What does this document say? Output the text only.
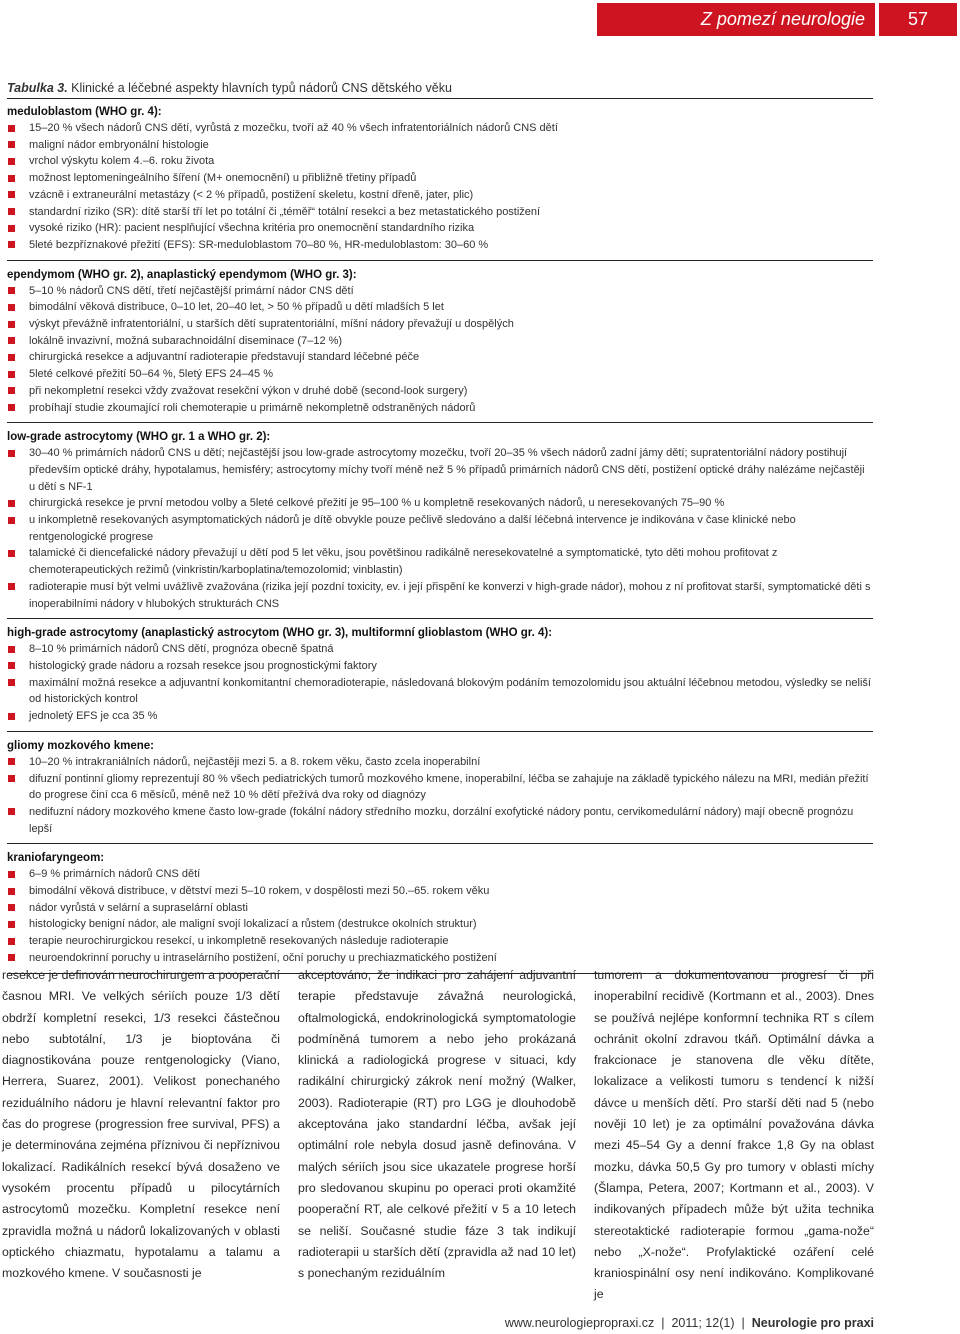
Z pomezí neurologie	57
Tabulka 3. Klinické a léčebné aspekty hlavních typů nádorů CNS dětského věku
meduloblastom (WHO gr. 4):
15–20 % všech nádorů CNS dětí, vyrůstá z mozečku, tvoří až 40 % všech infratentoriálních nádorů CNS dětí
maligní nádor embryonální histologie
vrchol výskytu kolem 4.–6. roku života
možnost leptomeningeálního šíření (M+ onemocnění) u přibližně třetiny případů
vzácně i extraneurální metastázy (< 2 % případů, postižení skeletu, kostní dřeně, jater, plic)
standardní riziko (SR): dítě starší tří let po totální či „téměř“ totální resekci a bez metastatického postižení
vysoké riziko (HR): pacient nesplňující všechna kritéria pro onemocnění standardního rizika
5leté bezpříznakové přežití (EFS): SR-meduloblastom 70–80 %, HR-meduloblastom: 30–60 %
ependymom (WHO gr. 2), anaplastický ependymom (WHO gr. 3):
5–10 % nádorů CNS dětí, třetí nejčastější primární nádor CNS dětí
bimodální věková distribuce, 0–10 let, 20–40 let, > 50 % případů u dětí mladších 5 let
výskyt převážně infratentoriální, u starších dětí supratentoriální, míšní nádory převažují u dospělých
lokálně invazivní, možná subarachnoidální diseminace (7–12 %)
chirurgická resekce a adjuvantní radioterapie představují standard léčebné péče
5leté celkové přežití 50–64 %, 5letý EFS 24–45 %
při nekompletní resekci vždy zvažovat resekční výkon v druhé době (second-look surgery)
probíhají studie zkoumající roli chemoterapie u primárně nekompletně odstraněných nádorů
low-grade astrocytomy (WHO gr. 1 a WHO gr. 2):
30–40 % primárních nádorů CNS u dětí; nejčastější jsou low-grade astrocytomy mozečku, tvoří 20–35 % všech nádorů zadní jámy dětí; supratentoriální nádory postihují především optické dráhy, hypotalamus, hemisféry; astrocytomy míchy tvoří méně než 5 % případů primárních nádorů CNS dětí, postižení optické dráhy nalézáme nejčastěji u dětí s NF-1
chirurgická resekce je první metodou volby a 5leté celkové přežití je 95–100 % u kompletně resekovaných nádorů, u neresekovaných 75–90 %
u inkompletně resekovaných asymptomatických nádorů je dítě obvykle pouze pečlivě sledováno a další léčebná intervence je indikována v čase klinické nebo rentgenologické progrese
talamické či diencefalické nádory převažují u dětí pod 5 let věku, jsou povětšinou radikálně neresekovatelné a symptomatické, tyto děti mohou profitovat z chemoterapeutických režimů (vinkristin/karboplatina/temozolomid; vinblastin)
radioterapie musí být velmi uvážlivě zvažována (rizika její pozdní toxicity, ev. i její přispění ke konverzi v high-grade nádor), mohou z ní profitovat starší, symptomatické děti s inoperabilními nádory v hlubokých strukturách CNS
high-grade astrocytomy (anaplastický astrocytom (WHO gr. 3), multiformní glioblastom (WHO gr. 4):
8–10 % primárních nádorů CNS dětí, prognóza obecně špatná
histologický grade nádoru a rozsah resekce jsou prognostickými faktory
maximální možná resekce a adjuvantní konkomitantní chemoradioterapie, následovaná blokovým podáním temozolomidu jsou aktuální léčebnou metodou, výsledky se neliší od historických kontrol
jednoletý EFS je cca 35 %
gliomy mozkového kmene:
10–20 % intrakraniálních nádorů, nejčastěji mezi 5. a 8. rokem věku, často zcela inoperabilní
difuzní pontinní gliomy reprezentují 80 % všech pediatrických tumorů mozkového kmene, inoperabilní, léčba se zahajuje na základě typického nálezu na MRI, medián přežití do progrese činí cca 6 měsíců, méně než 10 % dětí přežívá dva roky od diagnózy
nedifuzní nádory mozkového kmene často low-grade (fokální nádory středního mozku, dorzální exofytické nádory pontu, cervikomedulární nádory) mají obecně prognózu lepší
kraniofaryngeom:
6–9 % primárních nádorů CNS dětí
bimodální věková distribuce, v dětství mezi 5–10 rokem, v dospělosti mezi 50.–65. rokem věku
nádor vyrůstá v selární a supraselární oblasti
histologicky benigní nádor, ale maligní svojí lokalizací a růstem (destrukce okolních struktur)
terapie neurochirurgickou resekcí, u inkompletně resekovaných následuje radioterapie
neuroendokrinní poruchy u intraselárního postižení, oční poruchy u prechiazmatického postižení
resekce je definován neurochirurgem a pooperační časnou MRI. Ve velkých sériích pouze 1/3 dětí obdrží kompletní resekci, 1/3 resekci částečnou nebo subtotální, 1/3 je bioptována či diagnostikována pouze rentgenologicky (Viano, Herrera, Suarez, 2001). Velikost ponechaného reziduálního nádoru je hlavní relevantní faktor pro čas do progrese (progression free survival, PFS) a je determinována zejména příznivou či nepříznivou lokalizací. Radikálních resekcí bývá dosaženo ve vysokém procentu případů u pilocytárních astrocytomů mozečku. Kompletní resekce není zpravidla možná u nádorů lokalizovaných v oblasti optického chiazmatu, hypotalamu a talamu a mozkového kmene. V současnosti je
akceptováno, že indikaci pro zahájení adjuvantní terapie představuje závažná neurologická, oftalmologická, endokrinologická symptomatologie podmíněná tumorem a nebo jeho prokázaná klinická a radiologická progrese v situaci, kdy radikální chirurgický zákrok není možný (Walker, 2003). Radioterapie (RT) pro LGG je dlouhodobě akceptována jako standardní léčba, avšak její optimální role nebyla dosud jasně definována. V malých sériích jsou sice ukazatele progrese horší pro sledovanou skupinu po operaci proti okamžité pooperační RT, ale celkové přežití v 5 a 10 letech se neliší. Současné studie fáze 3 tak indikují radioterapii u starších dětí (zpravidla až nad 10 let) s ponechaným reziduálním
tumorem a dokumentovanou progresí či při inoperabilní recidivě (Kortmann et al., 2003). Dnes se používá nejlépe konformní technika RT s cílem ochránit okolní zdravou tkáň. Optimální dávka a frakcionace je stanovena dle věku dítěte, lokalizace a velikosti tumoru s tendencí k nižší dávce u menších dětí. Pro starší děti nad 5 (nebo nověji 10 let) je za optimální považována dávka mezi 45–54 Gy a denní frakce 1,8 Gy na oblast mozku, dávka 50,5 Gy pro tumory v oblasti míchy (Šlampa, Petera, 2007; Kortmann et al., 2003). V indikovaných případech může být užita technika stereotaktické radioterapie formou „gama-nože“ nebo „X-nože“. Profylaktické ozáření celé kraniospinální osy není indikováno. Komplikované je
www.neurologiepropraxi.cz | 2011; 12(1) | Neurologie pro praxi
